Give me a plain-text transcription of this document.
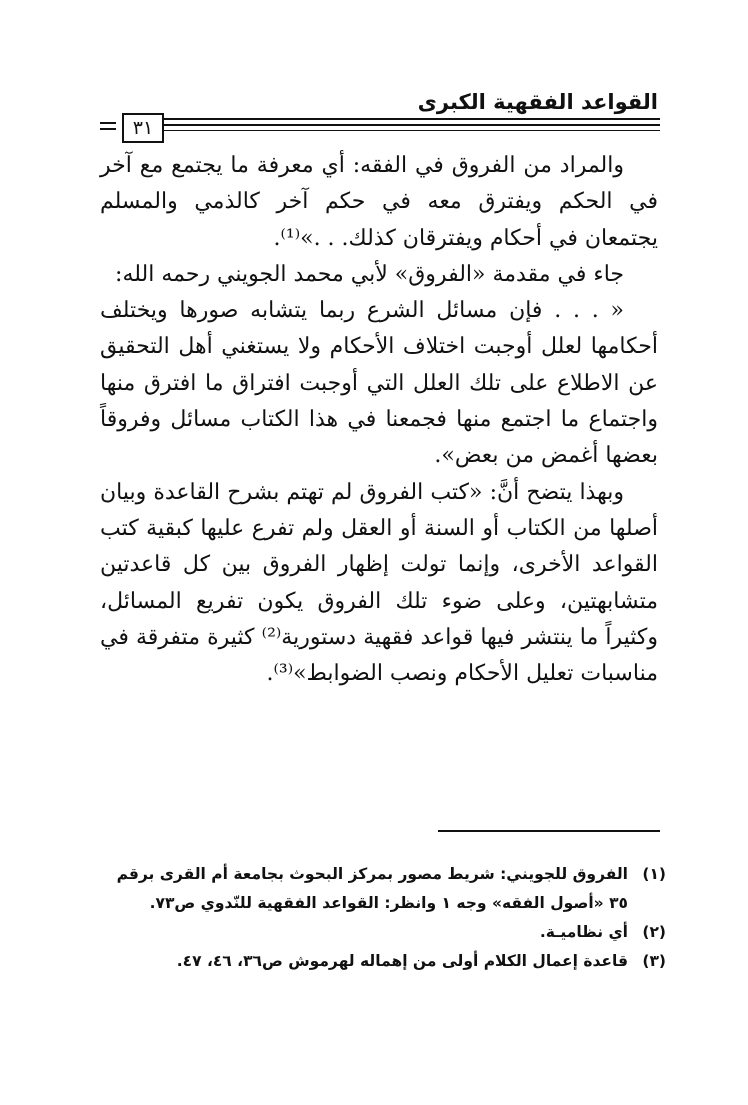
القواعد الفقهية الكبرى
٣١

والمراد من الفروق في الفقه: أي معرفة ما يجتمع مع آخر في الحكم ويفترق معه في حكم آخر كالذمي والمسلم يجتمعان في أحكام ويفترقان كذلك. . .»⁽¹⁾.

جاء في مقدمة «الفروق» لأبي محمد الجويني رحمه الله:

« . . . فإن مسائل الشرع ربما يتشابه صورها ويختلف أحكامها لعلل أوجبت اختلاف الأحكام ولا يستغني أهل التحقيق عن الاطلاع على تلك العلل التي أوجبت افتراق ما افترق منها واجتماع ما اجتمع منها فجمعنا في هذا الكتاب مسائل وفروقاً بعضها أغمض من بعض».

وبهذا يتضح أنَّ: «كتب الفروق لم تهتم بشرح القاعدة وبيان أصلها من الكتاب أو السنة أو العقل ولم تفرع عليها كبقية كتب القواعد الأخرى، وإنما تولت إظهار الفروق بين كل قاعدتين متشابهتين، وعلى ضوء تلك الفروق يكون تفريع المسائل، وكثيراً ما ينتشر فيها قواعد فقهية دستورية⁽²⁾ كثيرة متفرقة في مناسبات تعليل الأحكام ونصب الضوابط»⁽³⁾.

(١)
الفروق للجويني: شريط مصور بمركز البحوث بجامعة أم القرى برقم ٣٥ «أصول الفقه» وجه ١ وانظر: القواعد الفقهية للنّدوي ص٧٣.
(٢)
أي نظاميـة.
(٣)
قاعدة إعمال الكلام أولى من إهماله لهرموش ص٣٦، ٤٦، ٤٧.
